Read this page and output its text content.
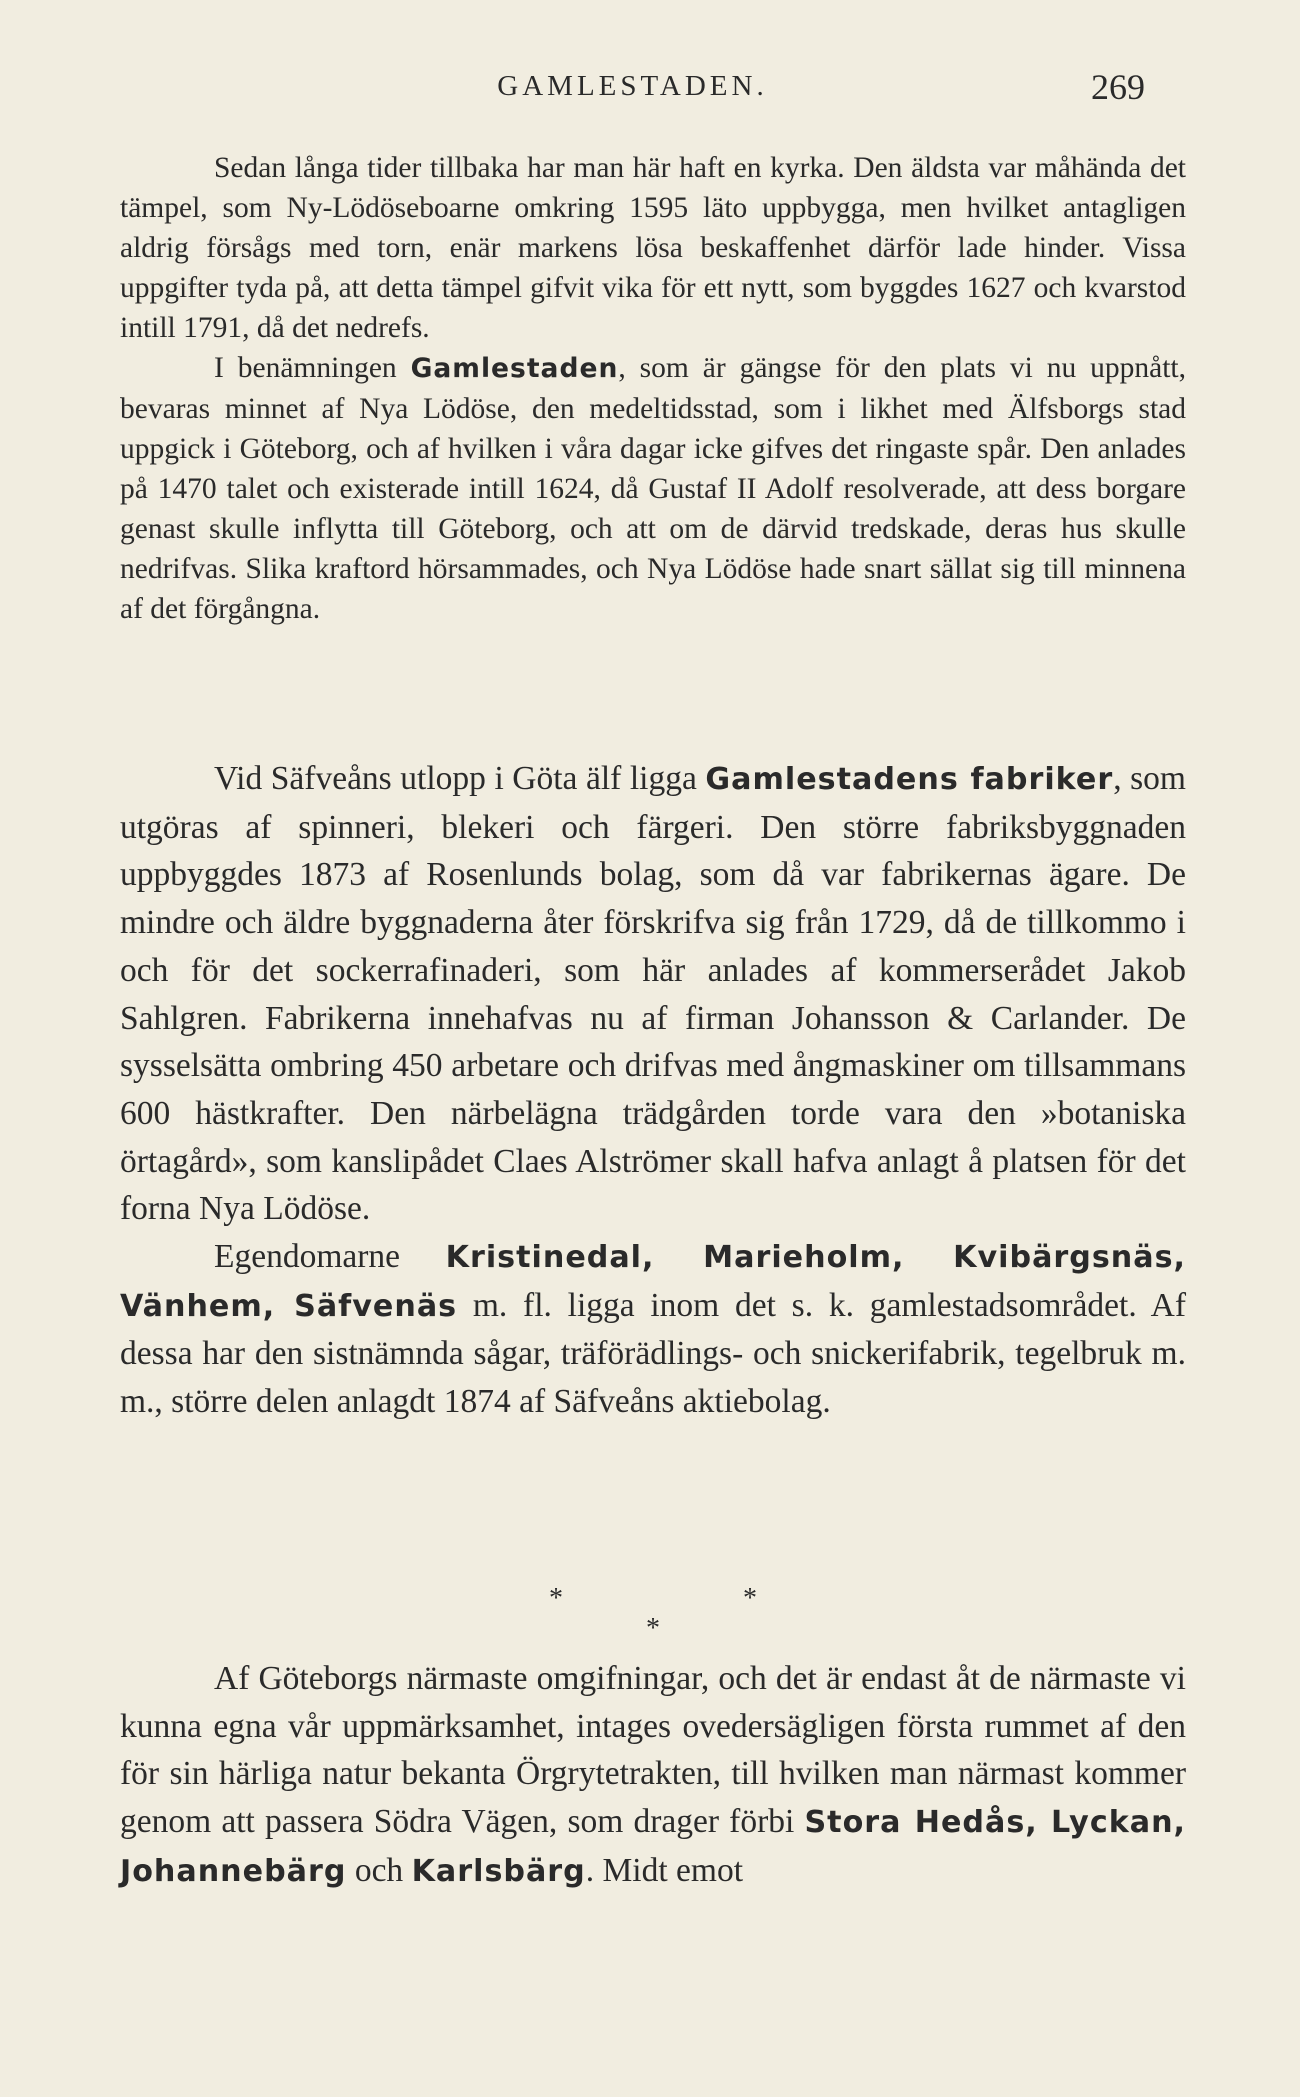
GAMLESTADEN.	269

Sedan långa tider tillbaka har man här haft en kyrka. Den äldsta var måhända det tämpel, som Ny-Lödöseboarne omkring 1595 läto uppbygga, men hvilket antagligen aldrig försågs med torn, enär markens lösa beskaffenhet därför lade hinder. Vissa uppgifter tyda på, att detta tämpel gifvit vika för ett nytt, som byggdes 1627 och kvarstod intill 1791, då det nedrefs.

I benämningen Gamlestaden, som är gängse för den plats vi nu uppnått, bevaras minnet af Nya Lödöse, den medeltidsstad, som i likhet med Älfsborgs stad uppgick i Göteborg, och af hvilken i våra dagar icke gifves det ringaste spår. Den anlades på 1470 talet och existerade intill 1624, då Gustaf II Adolf resolverade, att dess borgare genast skulle inflytta till Göteborg, och att om de därvid tredskade, deras hus skulle nedrifvas. Slika kraftord hörsammades, och Nya Lödöse hade snart sällat sig till minnena af det förgångna.

Vid Säfveåns utlopp i Göta älf ligga Gamlestadens fabriker, som utgöras af spinneri, blekeri och färgeri. Den större fabriksbyggnaden uppbyggdes 1873 af Rosenlunds bolag, som då var fabrikernas ägare. De mindre och äldre byggnaderna åter förskrifva sig från 1729, då de tillkommo i och för det sockerrafinaderi, som här anlades af kommerserådet Jakob Sahlgren. Fabrikerna innehafvas nu af firman Johansson & Carlander. De sysselsätta ombring 450 arbetare och drifvas med ångmaskiner om tillsammans 600 hästkrafter. Den närbelägna trädgården torde vara den »botaniska örtagård», som kansliрådet Claes Alströmer skall hafva anlagt å platsen för det forna Nya Lödöse.

Egendomarne Kristinedal, Marieholm, Kvibärgsnäs, Vänhem, Säfvenäs m. fl. ligga inom det s. k. gamlestadsområdet. Af dessa har den sistnämnda sågar, träförädlings- och snickerifabrik, tegelbruk m. m., större delen anlagdt 1874 af Säfveåns aktiebolag.

*	*
*

Af Göteborgs närmaste omgifningar, och det är endast åt de närmaste vi kunna egna vår uppmärksamhet, intages ovedersägligen första rummet af den för sin härliga natur bekanta Örgrytetrakten, till hvilken man närmast kommer genom att passera Södra Vägen, som drager förbi Stora Hedås, Lyckan, Johannebärg och Karlsbärg. Midt emot
